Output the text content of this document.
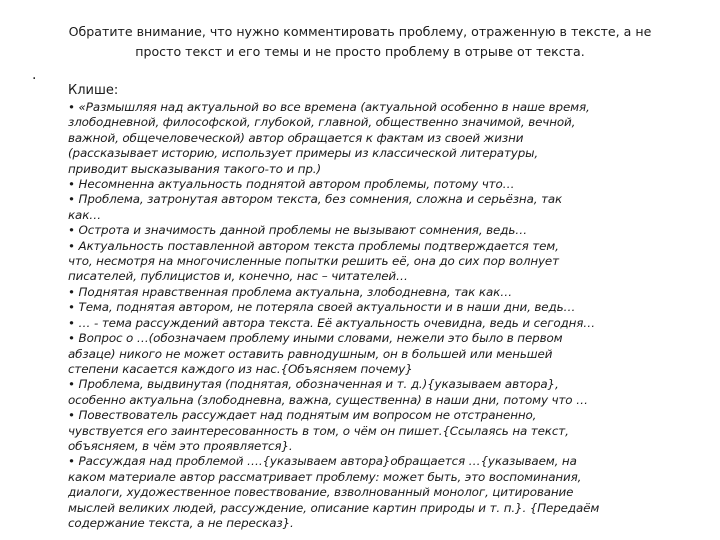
Обратите внимание, что нужно комментировать проблему, отраженную в тексте, а не
просто текст и его темы и не просто проблему в отрыве от текста.
.

Клише:

• «Размышляя над актуальной во все времена (актуальной особенно в наше время,
злободневной, философской, глубокой, главной, общественно значимой, вечной,
важной, общечеловеческой) автор обращается к фактам из своей жизни
(рассказывает историю, использует примеры из классической литературы,
приводит высказывания такого-то и пр.)
• Несомненна актуальность поднятой автором проблемы, потому что…
• Проблема, затронутая автором текста, без сомнения, сложна и серьёзна, так
как…
• Острота и значимость данной проблемы не вызывают сомнения, ведь…
• Актуальность поставленной автором текста проблемы подтверждается тем,
что, несмотря на многочисленные попытки решить её, она до сих пор волнует
писателей, публицистов и, конечно, нас – читателей…
• Поднятая нравственная проблема актуальна, злободневна, так как…
• Тема, поднятая автором, не потеряла своей актуальности и в наши дни, ведь…
• … - тема рассуждений автора текста. Её актуальность очевидна, ведь и сегодня…
• Вопрос о …(обозначаем проблему иными словами, нежели это было в первом
абзаце) никого не может оставить равнодушным, он в большей или меньшей
степени касается каждого из нас.{Объясняем почему}
• Проблема, выдвинутая (поднятая, обозначенная и т. д.){указываем автора},
особенно актуальна (злободневна, важна, существенна) в наши дни, потому что …
• Повествователь рассуждает над поднятым им вопросом не отстраненно,
чувствуется его заинтересованность в том, о чём он пишет.{Ссылаясь на текст,
объясняем, в чём это проявляется}.
• Рассуждая над проблемой ….{указываем автора}обращается …{указываем, на
каком материале автор рассматривает проблему: может быть, это воспоминания,
диалоги, художественное повествование, взволнованный монолог, цитирование
мыслей великих людей, рассуждение, описание картин природы и т. п.}. {Передаём
содержание текста, а не пересказ}.
